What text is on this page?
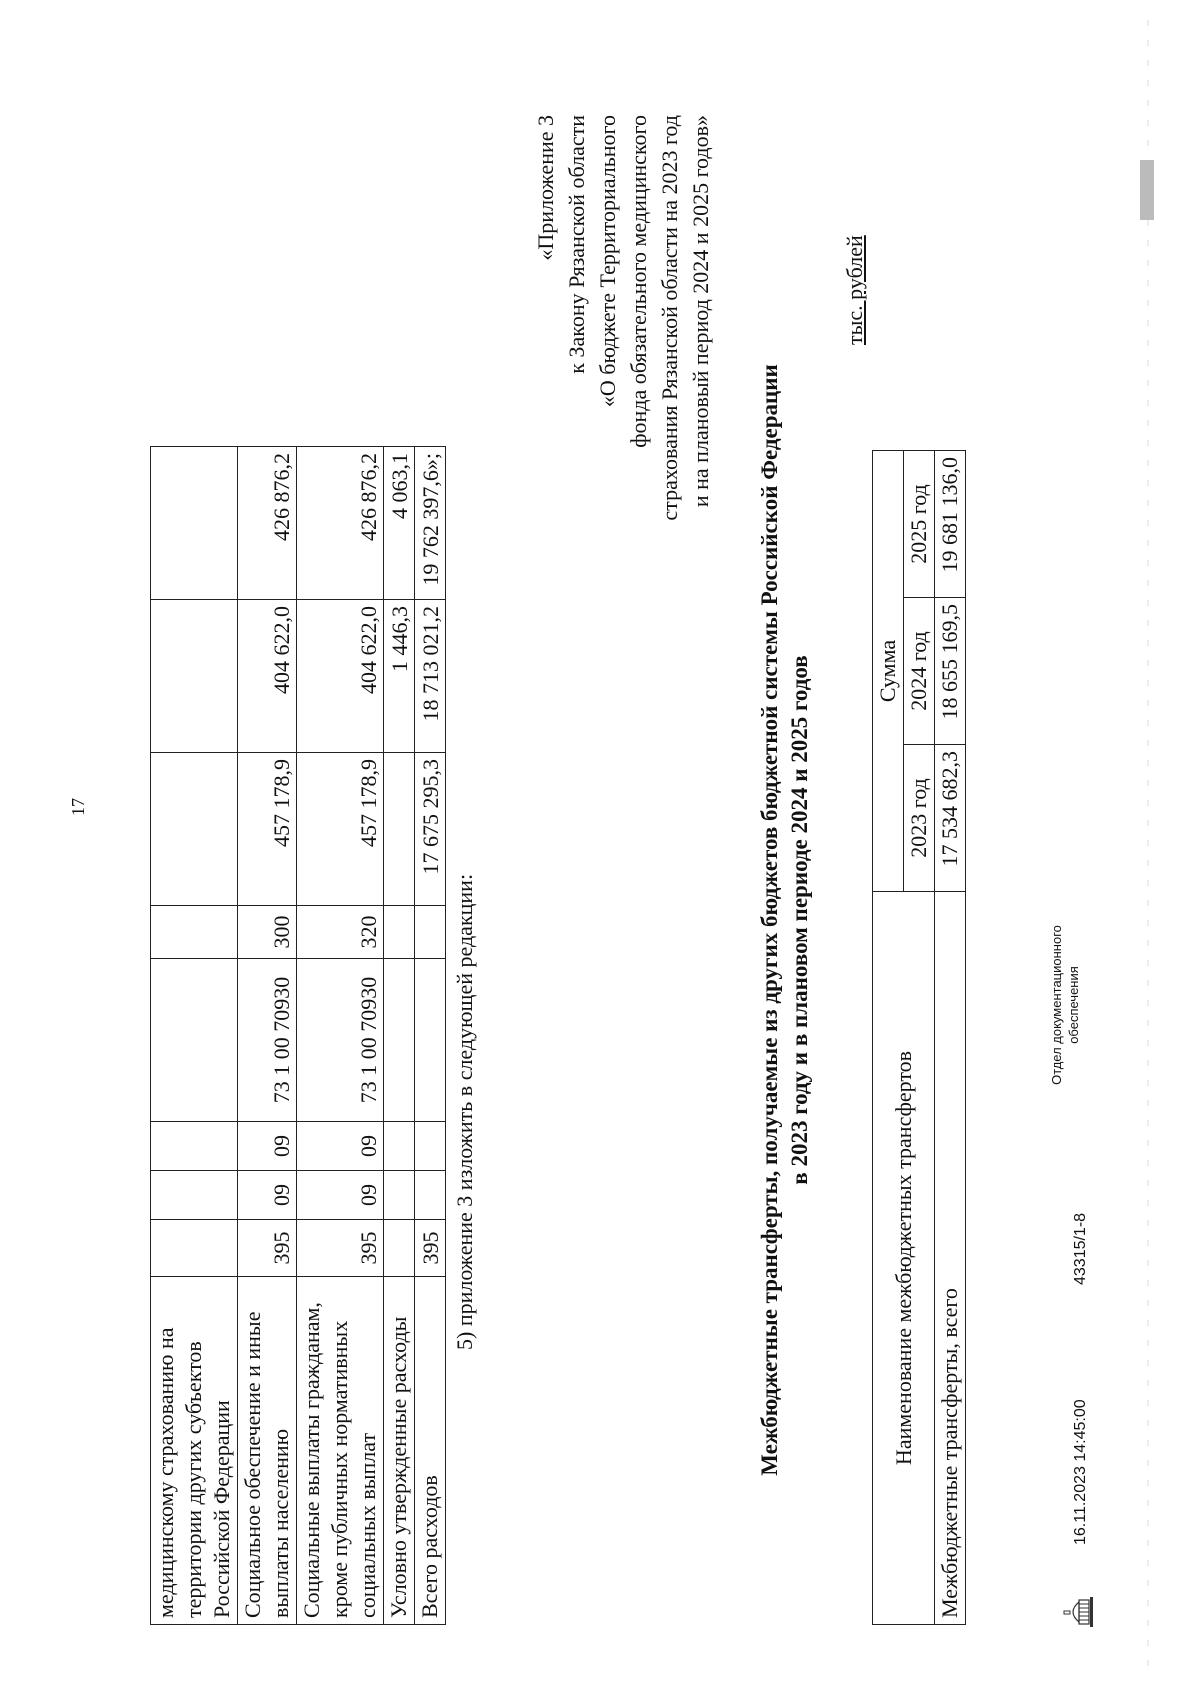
17
медицинскому страхованию на территории других субъектов Российской Федерации								
Социальное обеспечение и иные выплаты населению	395	09	09	73 1 00 70930	300	457 178,9	404 622,0	426 876,2
Социальные выплаты гражданам, кроме публичных нормативных социальных выплат	395	09	09	73 1 00 70930	320	457 178,9	404 622,0	426 876,2
Условно утвержденные расходы							1 446,3	4 063,1
Всего расходов	395					17 675 295,3	18 713 021,2	19 762 397,6»;
5) приложение 3 изложить в следующей редакции:
«Приложение 3 к Закону Рязанской области «О бюджете Территориального фонда обязательного медицинского страхования Рязанской области на 2023 год и на плановый период 2024 и 2025 годов»
Межбюджетные трансферты, получаемые из других бюджетов бюджетной системы Российской Федерации в 2023 году и в плановом периоде 2024 и 2025 годов
тыс. рублей
Наименование межбюджетных трансфертов	Сумма		
	2023 год	2024 год	2025 год
Межбюджетные трансферты, всего	17 534 682,3	18 655 169,5	19 681 136,0
16.11.2023 14:45:00
43315/1-8
Отдел документационного обеспечения
